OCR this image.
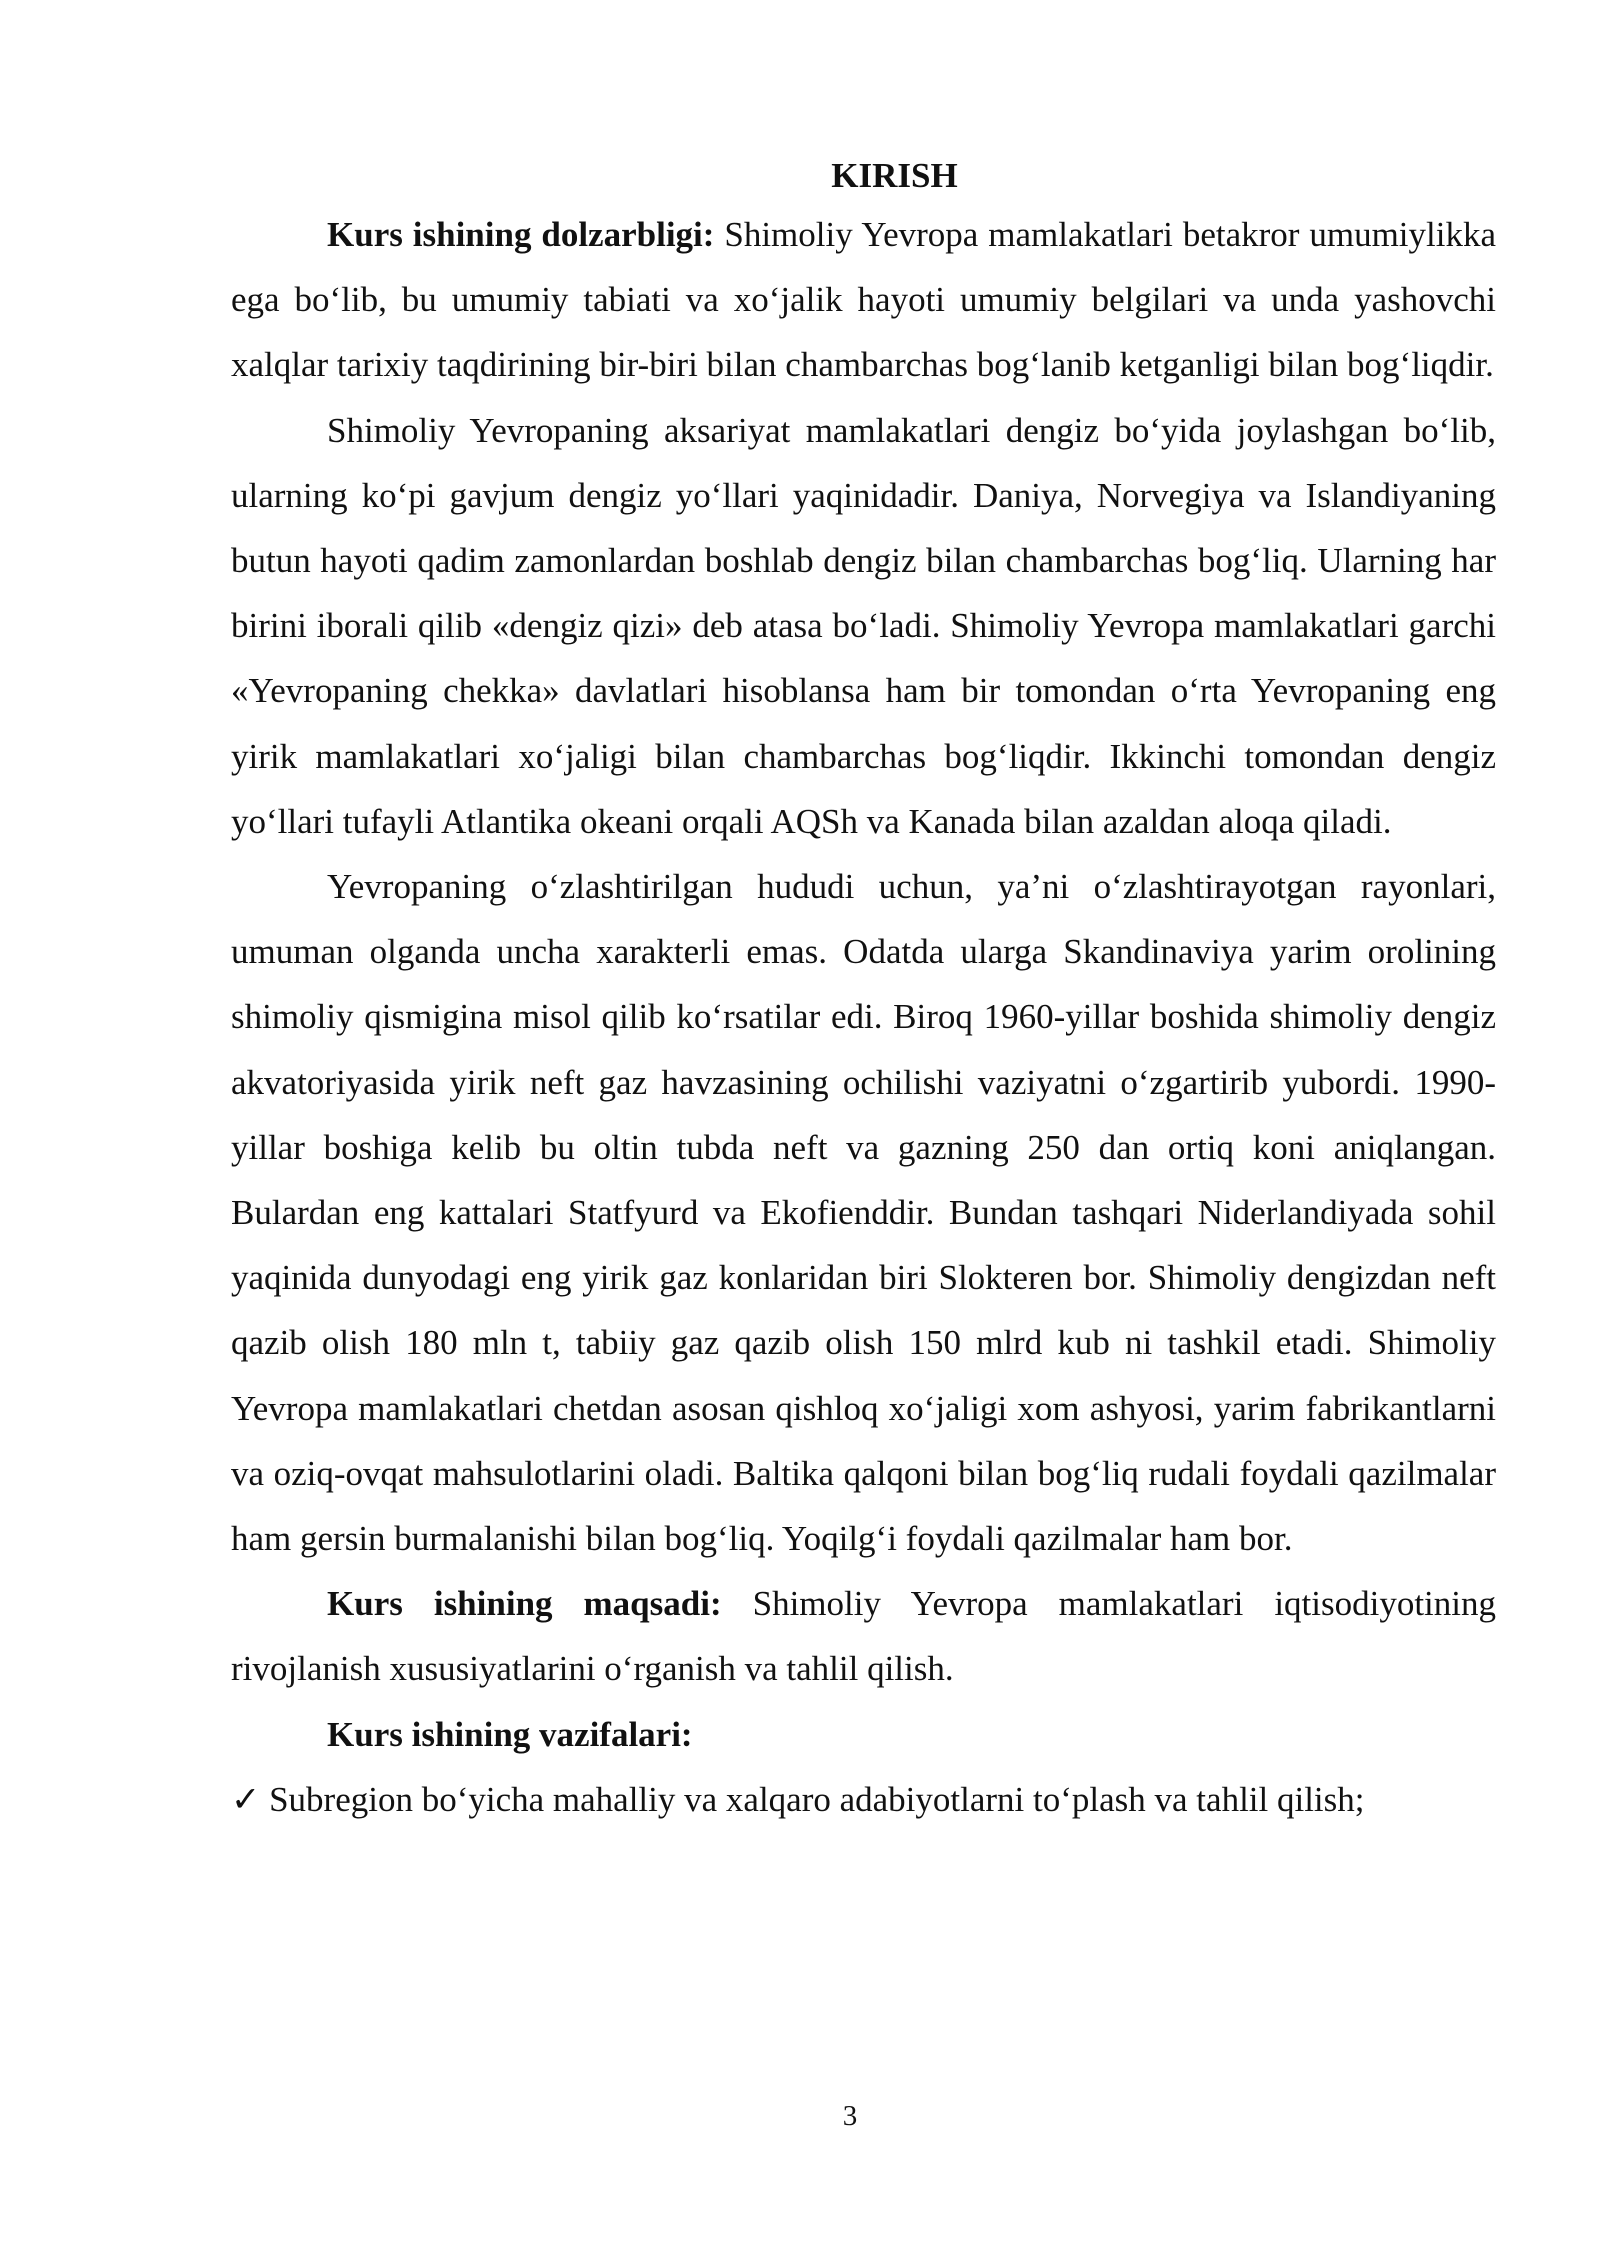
KIRISH

Kurs ishining dolzarbligi: Shimoliy Yevropa mamlakatlari betakror umumiylikka ega bo‘lib, bu umumiy tabiati va xo‘jalik hayoti umumiy belgilari va unda yashovchi xalqlar tarixiy taqdirining bir-biri bilan chambarchas bog‘lanib ketganligi bilan bog‘liqdir.

Shimoliy Yevropaning aksariyat mamlakatlari dengiz bo‘yida joylashgan bo‘lib, ularning ko‘pi gavjum dengiz yo‘llari yaqinidadir. Daniya, Norvegiya va Islandiyaning butun hayoti qadim zamonlardan boshlab dengiz bilan chambarchas bog‘liq. Ularning har birini iborali qilib «dengiz qizi» deb atasa bo‘ladi. Shimoliy Yevropa mamlakatlari garchi «Yevropaning chekka» davlatlari hisoblansa ham bir tomondan o‘rta Yevropaning eng yirik mamlakatlari xo‘jaligi bilan chambarchas bog‘liqdir. Ikkinchi tomondan dengiz yo‘llari tufayli Atlantika okeani orqali AQSh va Kanada bilan azaldan aloqa qiladi.

Yevropaning o‘zlashtirilgan hududi uchun, ya’ni o‘zlashtirayotgan rayonlari, umuman olganda uncha xarakterli emas. Odatda ularga Skandinaviya yarim orolining shimoliy qismigina misol qilib ko‘rsatilar edi. Biroq 1960-yillar boshida shimoliy dengiz akvatoriyasida yirik neft gaz havzasining ochilishi vaziyatni o‘zgartirib yubordi. 1990-yillar boshiga kelib bu oltin tubda neft va gazning 250 dan ortiq koni aniqlangan. Bulardan eng kattalari Statfyurd va Ekofienddir. Bundan tashqari Niderlandiyada sohil yaqinida dunyodagi eng yirik gaz konlaridan biri Slokteren bor. Shimoliy dengizdan neft qazib olish 180 mln t, tabiiy gaz qazib olish 150 mlrd kub ni tashkil etadi. Shimoliy Yevropa mamlakatlari chetdan asosan qishloq xo‘jaligi xom ashyosi, yarim fabrikantlarni va oziq-ovqat mahsulotlarini oladi. Baltika qalqoni bilan bog‘liq rudali foydali qazilmalar ham gersin burmalanishi bilan bog‘liq. Yoqilg‘i foydali qazilmalar ham bor.

Kurs ishining maqsadi: Shimoliy Yevropa mamlakatlari iqtisodiyotining rivojlanish xususiyatlarini o‘rganish va tahlil qilish.

Kurs ishining vazifalari:

✓ Subregion bo‘yicha mahalliy va xalqaro adabiyotlarni to‘plash va tahlil qilish;

3
